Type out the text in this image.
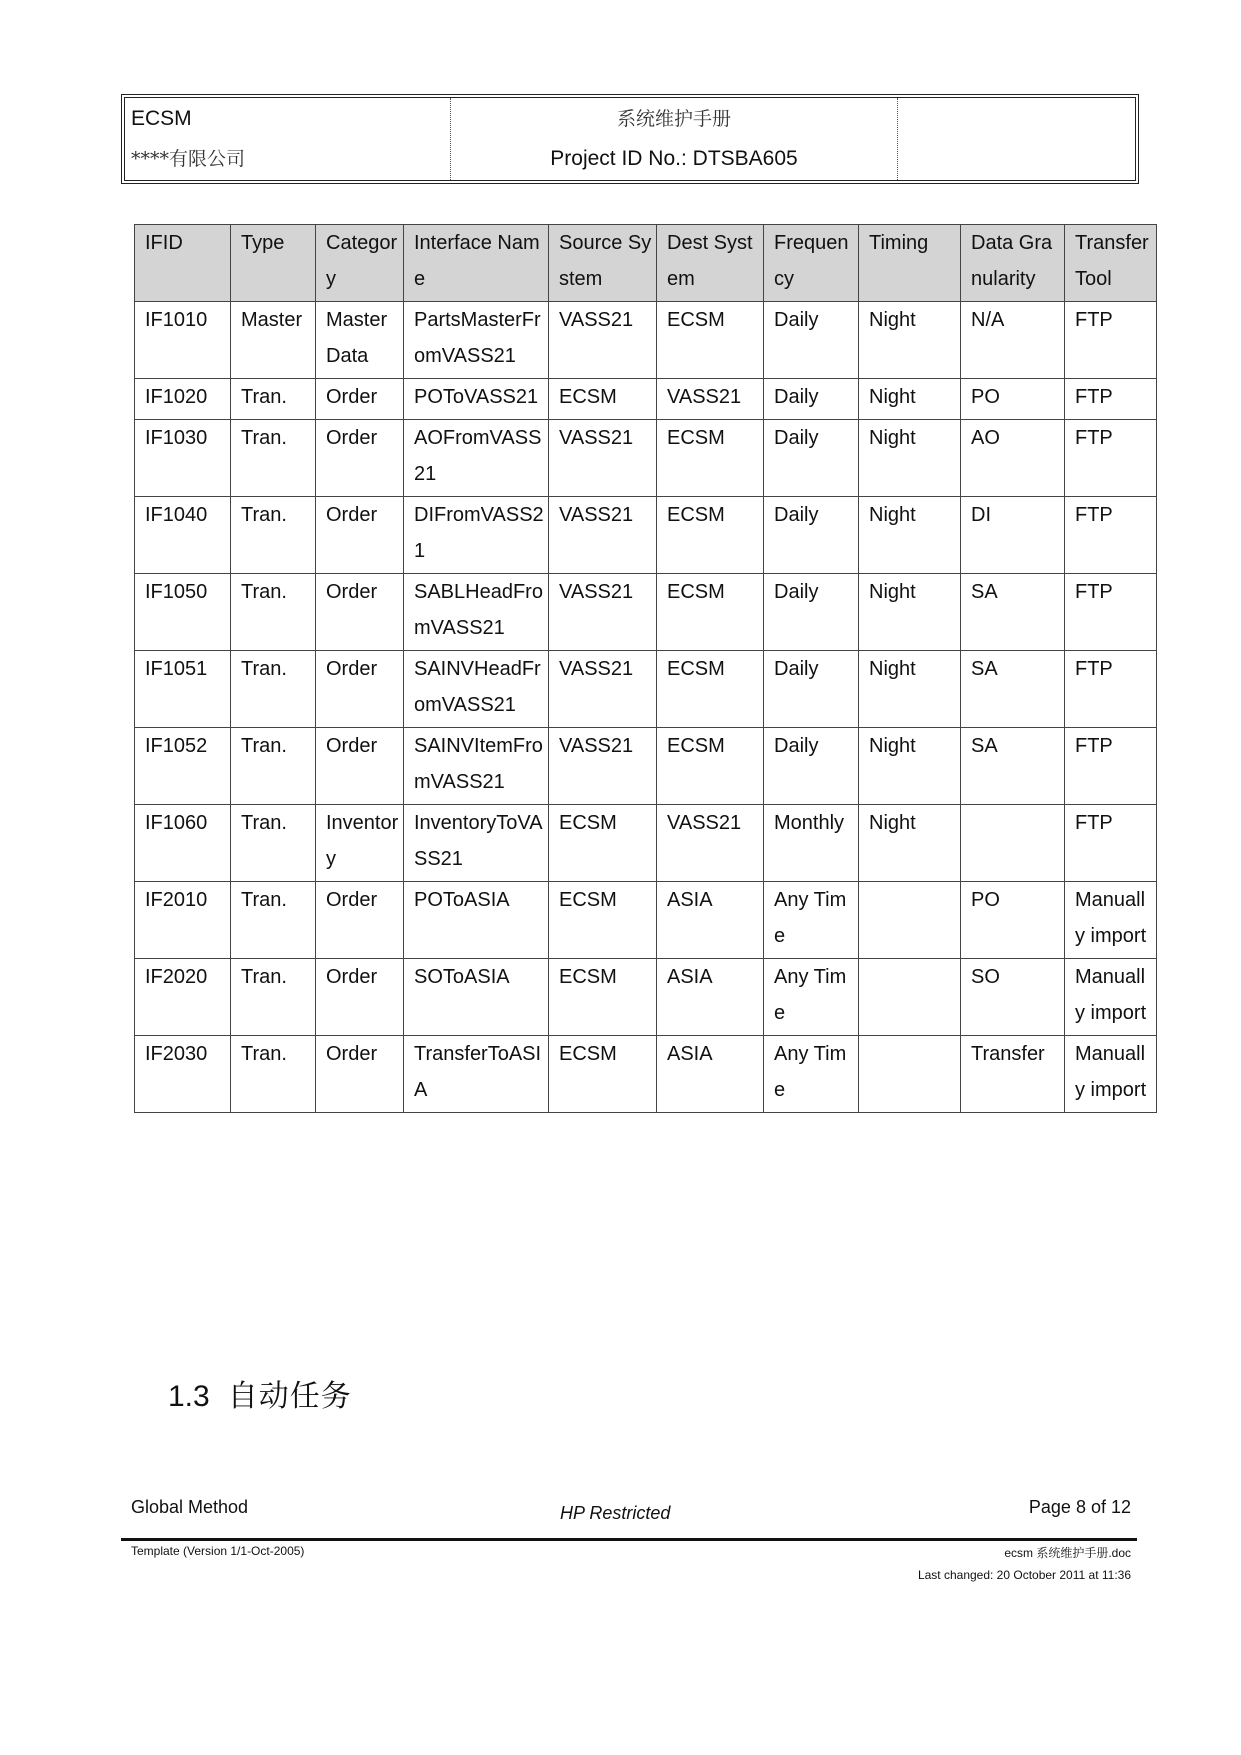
ECSM
****有限公司

系统维护手册
Project ID No.: DTSBA605

IFID	Type	Category	Interface Name	Source System	Dest System	Frequency	Timing	Data Granularity	Transfer Tool
IF1010	Master	Master Data	PartsMasterFromVASS21	VASS21	ECSM	Daily	Night	N/A	FTP
IF1020	Tran.	Order	POToVASS21	ECSM	VASS21	Daily	Night	PO	FTP
IF1030	Tran.	Order	AOFromVASS21	VASS21	ECSM	Daily	Night	AO	FTP
IF1040	Tran.	Order	DIFromVASS21	VASS21	ECSM	Daily	Night	DI	FTP
IF1050	Tran.	Order	SABLHeadFromVASS21	VASS21	ECSM	Daily	Night	SA	FTP
IF1051	Tran.	Order	SAINVHeadFromVASS21	VASS21	ECSM	Daily	Night	SA	FTP
IF1052	Tran.	Order	SAINVItemFromVASS21	VASS21	ECSM	Daily	Night	SA	FTP
IF1060	Tran.	Inventory	InventoryToVASS21	ECSM	VASS21	Monthly	Night		FTP
IF2010	Tran.	Order	POToASIA	ECSM	ASIA	Any Time		PO	Manually import
IF2020	Tran.	Order	SOToASIA	ECSM	ASIA	Any Time		SO	Manually import
IF2030	Tran.	Order	TransferToASIA	ECSM	ASIA	Any Time		Transfer	Manually import
1.3 自动任务
Global Method	HP Restricted	Page 8 of 12
Template (Version 1/1-Oct-2005)	ecsm 系统维护手册.doc
Last changed: 20 October 2011 at 11:36
